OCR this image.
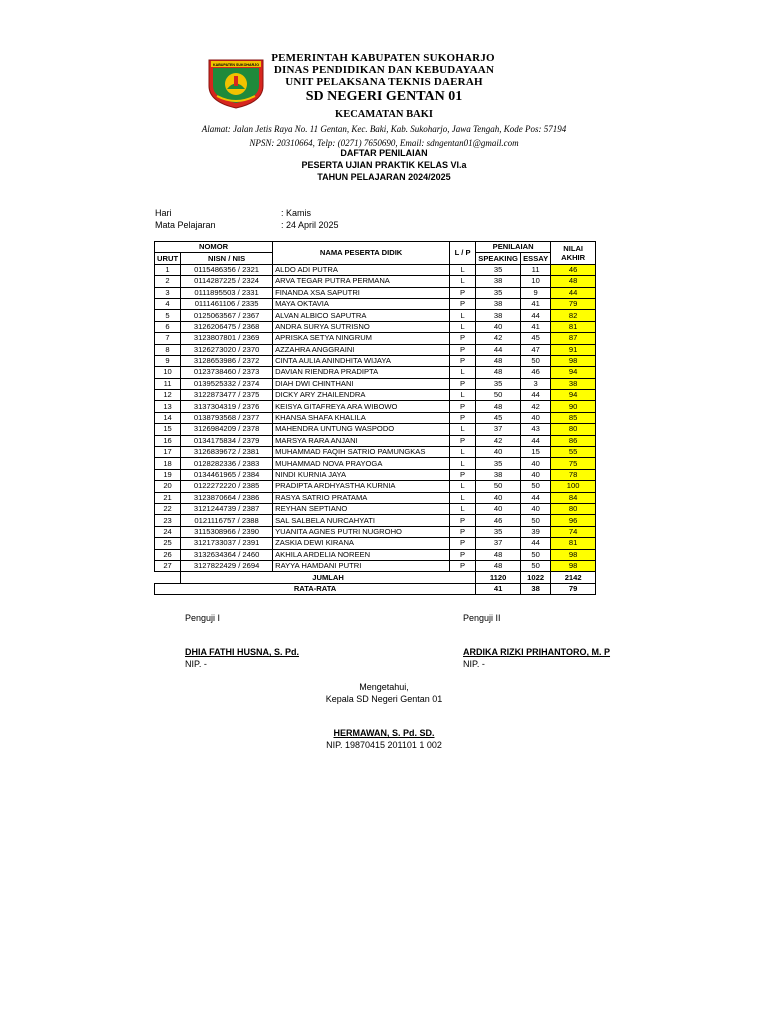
KABUPATEN SUKOHARJO
PEMERINTAH KABUPATEN SUKOHARJO
DINAS PENDIDIKAN DAN KEBUDAYAAN
UNIT PELAKSANA TEKNIS DAERAH
SD NEGERI GENTAN 01
KECAMATAN BAKI
Alamat: Jalan Jetis Raya No. 11 Gentan, Kec. Baki, Kab. Sukoharjo, Jawa Tengah, Kode Pos: 57194
NPSN: 20310664, Telp: (0271) 7650690, Email: sdngentan01@gmail.com
DAFTAR PENILAIAN
PESERTA UJIAN PRAKTIK KELAS VI.a
TAHUN PELAJARAN 2024/2025
Hari	: Kamis
Mata Pelajaran	: 24 April 2025
NOMOR		NAMA PESERTA DIDIK	L / P	PENILAIAN		NILAI AKHIR
URUT	NISN / NIS			SPEAKING	ESSAY	
1	0115486356 / 2321	ALDO ADI PUTRA	L	35	11	46
2	0114287225 / 2324	ARVA TEGAR PUTRA PERMANA	L	38	10	48
3	0111895503 / 2331	FINANDA XSA SAPUTRI	P	35	9	44
4	0111461106 / 2335	MAYA OKTAVIA	P	38	41	79
5	0125063567 / 2367	ALVAN ALBICO SAPUTRA	L	38	44	82
6	3126206475 / 2368	ANDRA SURYA SUTRISNO	L	40	41	81
7	3123807801 / 2369	APRISKA SETYA NINGRUM	P	42	45	87
8	3126273020 / 2370	AZZAHRA ANGGRAINI	P	44	47	91
9	3128653986 / 2372	CINTA AULIA ANINDHITA WIJAYA	P	48	50	98
10	0123738460 / 2373	DAVIAN RIENDRA PRADIPTA	L	48	46	94
11	0139525332 / 2374	DIAH DWI CHINTHANI	P	35	3	38
12	3122873477 / 2375	DICKY ARY ZHAILENDRA	L	50	44	94
13	3137304319 / 2376	KEISYA GITAFREYA ARA WIBOWO	P	48	42	90
14	0138793568 / 2377	KHANSA SHAFA KHALILA	P	45	40	85
15	3126984209 / 2378	MAHENDRA UNTUNG WASPODO	L	37	43	80
16	0134175834 / 2379	MARSYA RARA ANJANI	P	42	44	86
17	3126839672 / 2381	MUHAMMAD FAQIH SATRIO PAMUNGKAS	L	40	15	55
18	0128282336 / 2383	MUHAMMAD NOVA PRAYOGA	L	35	40	75
19	0134461965 / 2384	NINDI KURNIA JAYA	P	38	40	78
20	0122272220 / 2385	PRADIPTA ARDHYASTHA KURNIA	L	50	50	100
21	3123870664 / 2386	RASYA SATRIO PRATAMA	L	40	44	84
22	3121244739 / 2387	REYHAN SEPTIANO	L	40	40	80
23	0121116757 / 2388	SAL SALBELA NURCAHYATI	P	46	50	96
24	3115308966 / 2390	YUANITA AGNES PUTRI NUGROHO	P	35	39	74
25	3121733037 / 2391	ZASKIA DEWI KIRANA	P	37	44	81
26	3132634364 / 2460	AKHILA ARDELIA NOREEN	P	48	50	98
27	3127822429 / 2694	RAYYA HAMDANI PUTRI	P	48	50	98
	JUMLAH			1120	1022	2142
RATA-RATA				41	38	79
Penguji I	Penguji II
DHIA FATHI HUSNA, S. Pd.	ARDIKA RIZKI PRIHANTORO, M. P
NIP. -	NIP. -
Mengetahui,
Kepala SD Negeri Gentan 01
HERMAWAN, S. Pd. SD.
NIP. 19870415 201101 1 002
